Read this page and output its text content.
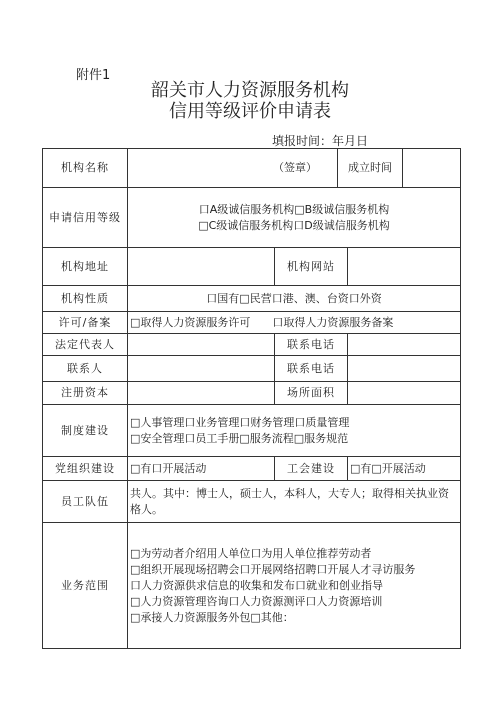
附件1
韶关市人力资源服务机构
信用等级评价申请表
填报时间：年月日
机构名称	（签章）		成立时间	

申请信用等级	口A级诚信服务机构□B级诚信服务机构
□C级诚信服务机构口D级诚信服务机构			

机构地址		机构网站		
机构性质	口国有□民营口港、澳、台资口外资			
许可/备案	□取得人力资源服务许可　　口取得人力资源服务备案			
法定代表人		联系电话		
联系人		联系电话		
注册资本		场所面积		
制度建设	□人事管理口业务管理口财务管理口质量管理
□安全管理口员工手册□服务流程□服务规范			

党组织建设	□有口开展活动	工会建设		□有□开展活动
员工队伍	共人。其中：博士人，硕士人，本科人，大专人；取得相关执业资格人。			
业务范围	□为劳动者介绍用人单位口为用人单位推荐劳动者
□组织开展现场招聘会口开展网络招聘口开展人才寻访服务
口人力资源供求信息的收集和发布口就业和创业指导
□人力资源管理咨询口人力资源测评口人力资源培训
□承接人力资源服务外包□其他：			
